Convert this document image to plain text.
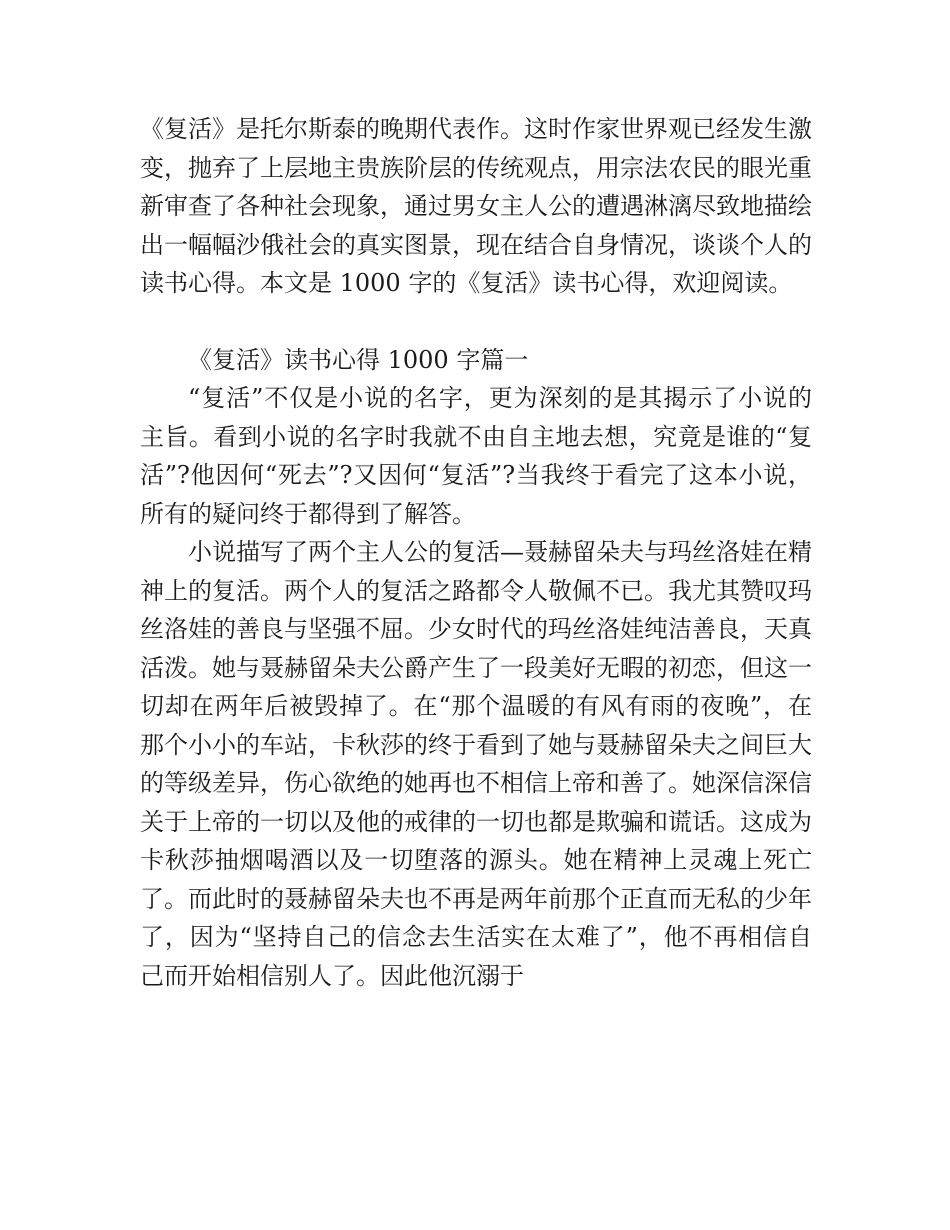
《复活》是托尔斯泰的晚期代表作。这时作家世界观已经发生激变，抛弃了上层地主贵族阶层的传统观点，用宗法农民的眼光重新审查了各种社会现象，通过男女主人公的遭遇淋漓尽致地描绘出一幅幅沙俄社会的真实图景，现在结合自身情况，谈谈个人的读书心得。本文是 1000 字的《复活》读书心得，欢迎阅读。

《复活》读书心得 1000 字篇一

“复活”不仅是小说的名字，更为深刻的是其揭示了小说的主旨。看到小说的名字时我就不由自主地去想，究竟是谁的“复活”?他因何“死去”?又因何“复活”?当我终于看完了这本小说，所有的疑问终于都得到了解答。

小说描写了两个主人公的复活—聂赫留朵夫与玛丝洛娃在精神上的复活。两个人的复活之路都令人敬佩不已。我尤其赞叹玛丝洛娃的善良与坚强不屈。少女时代的玛丝洛娃纯洁善良，天真活泼。她与聂赫留朵夫公爵产生了一段美好无暇的初恋，但这一切却在两年后被毁掉了。在“那个温暖的有风有雨的夜晚”，在那个小小的车站，卡秋莎的终于看到了她与聂赫留朵夫之间巨大的等级差异，伤心欲绝的她再也不相信上帝和善了。她深信深信关于上帝的一切以及他的戒律的一切也都是欺骗和谎话。这成为卡秋莎抽烟喝酒以及一切堕落的源头。她在精神上灵魂上死亡了。而此时的聂赫留朵夫也不再是两年前那个正直而无私的少年了，因为“坚持自己的信念去生活实在太难了”，他不再相信自己而开始相信别人了。因此他沉溺于
